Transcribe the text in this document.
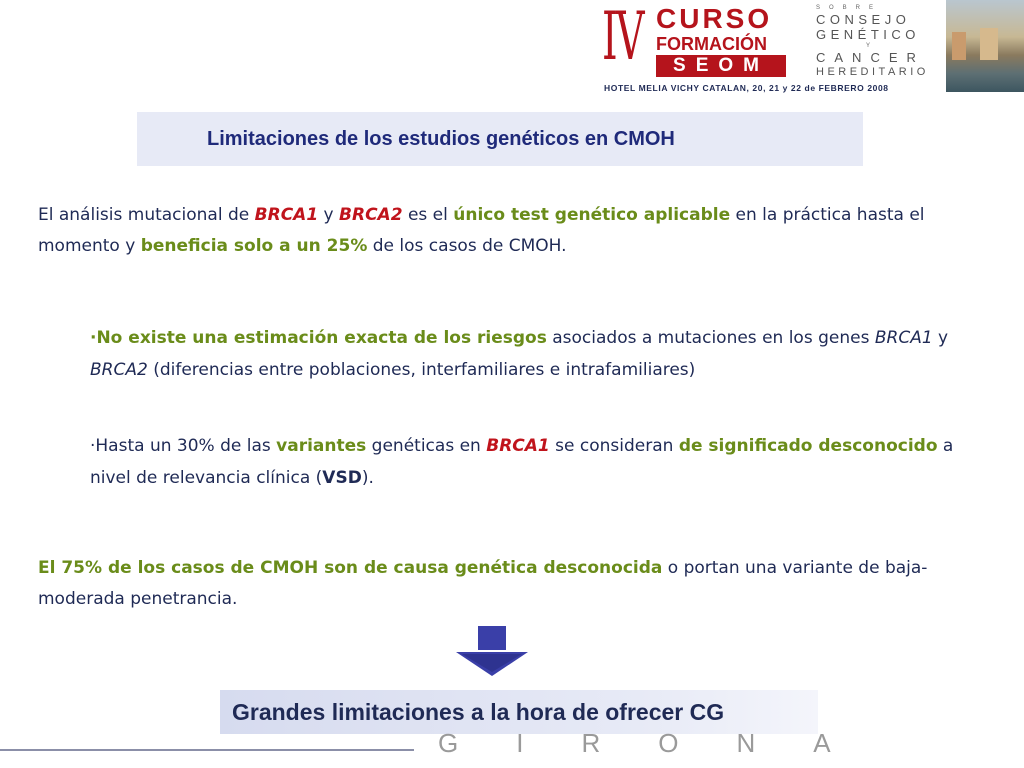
IV CURSO
FORMACIÓN
SEOM
HOTEL MELIA VICHY CATALAN, 20, 21 y 22 de FEBRERO 2008
SOBRE
CONSEJO
GENÉTICO
Y
CANCER
HEREDITARIO
Limitaciones de los estudios genéticos en CMOH
El análisis mutacional de BRCA1 y BRCA2 es el único test genético aplicable en la práctica hasta el momento y beneficia solo a un 25% de los casos de CMOH.
·No existe una estimación exacta de los riesgos asociados a mutaciones en los genes BRCA1 y BRCA2 (diferencias entre poblaciones, interfamiliares e intrafamiliares)
·Hasta un 30% de las variantes genéticas en BRCA1 se consideran de significado desconocido a nivel de relevancia clínica (VSD).
El 75% de los casos de CMOH son de causa genética desconocida o portan una variante de baja-moderada penetrancia.
Grandes limitaciones a la hora de ofrecer CG
GIRONA
